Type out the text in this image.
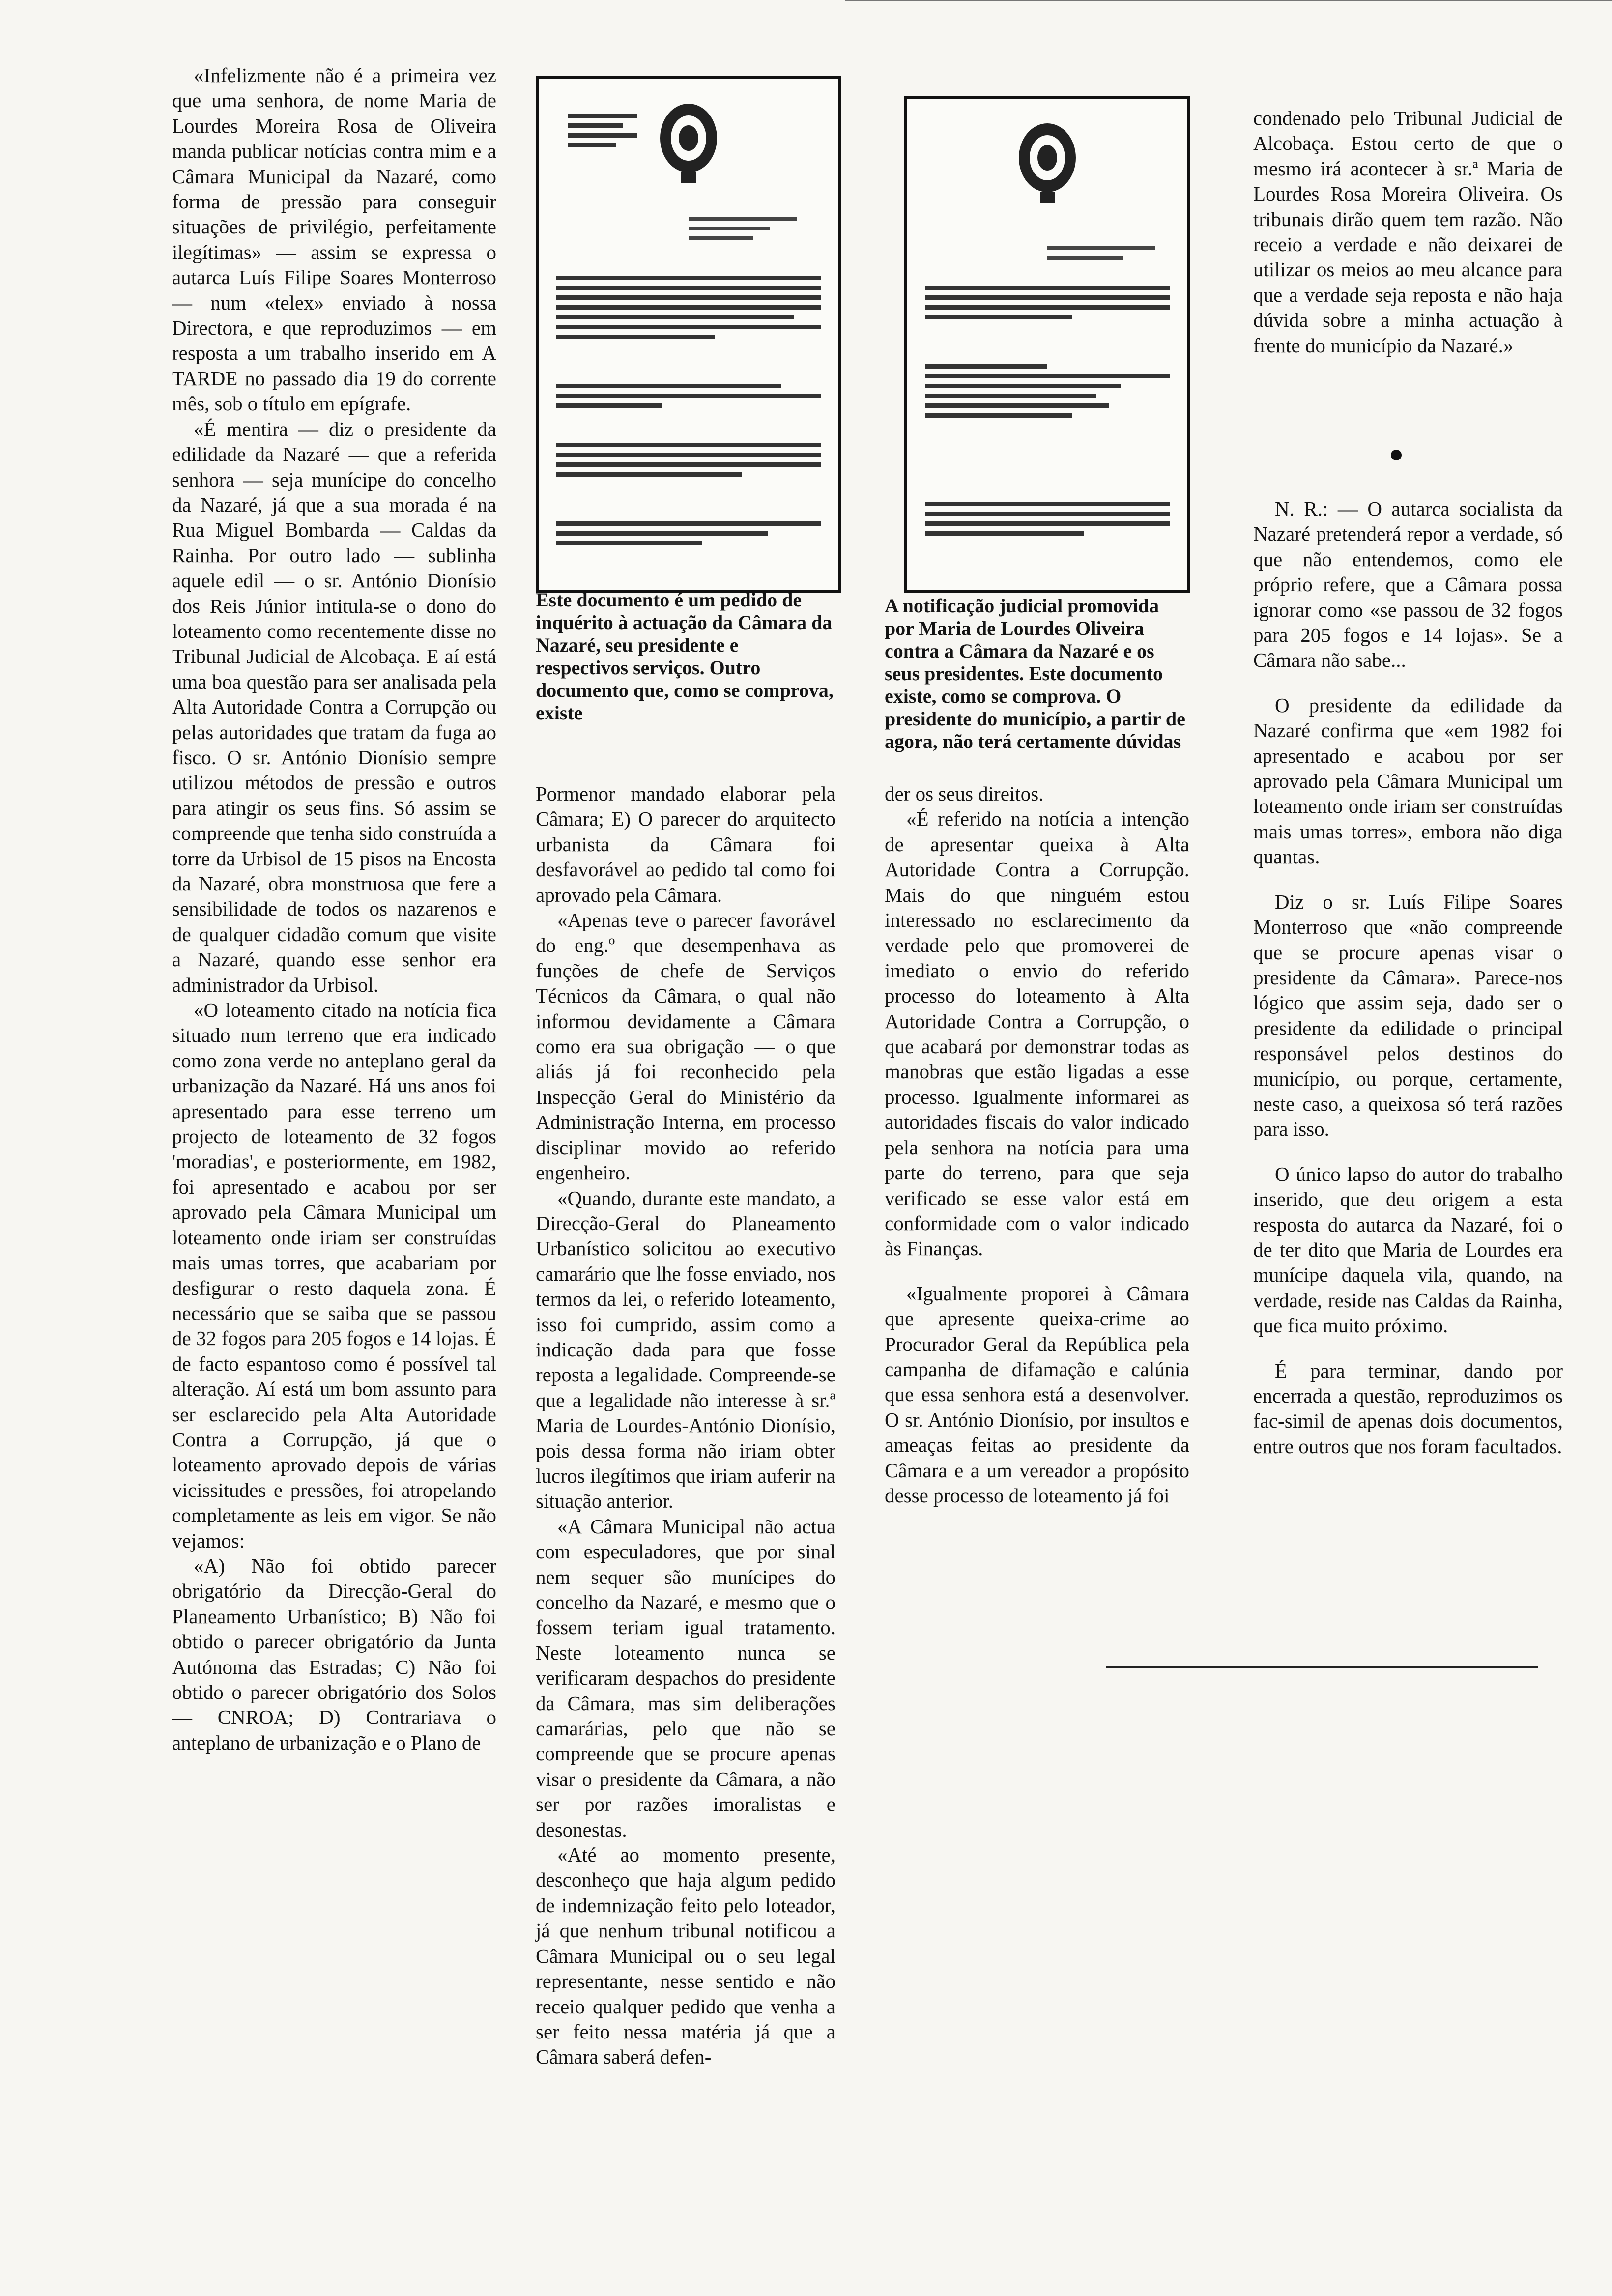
«Infelizmente não é a primeira vez que uma senhora, de nome Maria de Lourdes Moreira Rosa de Oliveira manda publicar notícias contra mim e a Câmara Municipal da Nazaré, como forma de pressão para conseguir situações de privilégio, perfeitamente ilegítimas» — assim se expressa o autarca Luís Filipe Soares Monterroso — num «telex» enviado à nossa Directora, e que reproduzimos — em resposta a um trabalho inserido em A TARDE no passado dia 19 do corrente mês, sob o título em epígrafe.

«É mentira — diz o presidente da edilidade da Nazaré — que a referida senhora — seja munícipe do concelho da Nazaré, já que a sua morada é na Rua Miguel Bombarda — Caldas da Rainha. Por outro lado — sublinha aquele edil — o sr. António Dionísio dos Reis Júnior intitula-se o dono do loteamento como recentemente disse no Tribunal Judicial de Alcobaça. E aí está uma boa questão para ser analisada pela Alta Autoridade Contra a Corrupção ou pelas autoridades que tratam da fuga ao fisco. O sr. António Dionísio sempre utilizou métodos de pressão e outros para atingir os seus fins. Só assim se compreende que tenha sido construída a torre da Urbisol de 15 pisos na Encosta da Nazaré, obra monstruosa que fere a sensibilidade de todos os nazarenos e de qualquer cidadão comum que visite a Nazaré, quando esse senhor era administrador da Urbisol.

«O loteamento citado na notícia fica situado num terreno que era indicado como zona verde no anteplano geral da urbanização da Nazaré. Há uns anos foi apresentado para esse terreno um projecto de loteamento de 32 fogos 'moradias', e posteriormente, em 1982, foi apresentado e acabou por ser aprovado pela Câmara Municipal um loteamento onde iriam ser construídas mais umas torres, que acabariam por desfigurar o resto daquela zona. É necessário que se saiba que se passou de 32 fogos para 205 fogos e 14 lojas. É de facto espantoso como é possível tal alteração. Aí está um bom assunto para ser esclarecido pela Alta Autoridade Contra a Corrupção, já que o loteamento aprovado depois de várias vicissitudes e pressões, foi atropelando completamente as leis em vigor. Se não vejamos:

«A) Não foi obtido parecer obrigatório da Direcção-Geral do Planeamento Urbanístico; B) Não foi obtido o parecer obrigatório da Junta Autónoma das Estradas; C) Não foi obtido o parecer obrigatório dos Solos — CNROA; D) Contrariava o anteplano de urbanização e o Plano de

Este documento é um pedido de inquérito à actuação da Câmara da Nazaré, seu presidente e respectivos serviços. Outro documento que, como se comprova, existe

Pormenor mandado elaborar pela Câmara; E) O parecer do arquitecto urbanista da Câmara foi desfavorável ao pedido tal como foi aprovado pela Câmara.

«Apenas teve o parecer favorável do eng.º que desempenhava as funções de chefe de Serviços Técnicos da Câmara, o qual não informou devidamente a Câmara como era sua obrigação — o que aliás já foi reconhecido pela Inspecção Geral do Ministério da Administração Interna, em processo disciplinar movido ao referido engenheiro.

«Quando, durante este mandato, a Direcção-Geral do Planeamento Urbanístico solicitou ao executivo camarário que lhe fosse enviado, nos termos da lei, o referido loteamento, isso foi cumprido, assim como a indicação dada para que fosse reposta a legalidade. Compreende-se que a legalidade não interesse à sr.ª Maria de Lourdes-António Dionísio, pois dessa forma não iriam obter lucros ilegítimos que iriam auferir na situação anterior.

«A Câmara Municipal não actua com especuladores, que por sinal nem sequer são munícipes do concelho da Nazaré, e mesmo que o fossem teriam igual tratamento. Neste loteamento nunca se verificaram despachos do presidente da Câmara, mas sim deliberações camarárias, pelo que não se compreende que se procure apenas visar o presidente da Câmara, a não ser por razões imoralistas e desonestas.

«Até ao momento presente, desconheço que haja algum pedido de indemnização feito pelo loteador, já que nenhum tribunal notificou a Câmara Municipal ou o seu legal representante, nesse sentido e não receio qualquer pedido que venha a ser feito nessa matéria já que a Câmara saberá defen-

A notificação judicial promovida por Maria de Lourdes Oliveira contra a Câmara da Nazaré e os seus presidentes. Este documento existe, como se comprova. O presidente do município, a partir de agora, não terá certamente dúvidas

der os seus direitos.

«É referido na notícia a intenção de apresentar queixa à Alta Autoridade Contra a Corrupção. Mais do que ninguém estou interessado no esclarecimento da verdade pelo que promoverei de imediato o envio do referido processo do loteamento à Alta Autoridade Contra a Corrupção, o que acabará por demonstrar todas as manobras que estão ligadas a esse processo. Igualmente informarei as autoridades fiscais do valor indicado pela senhora na notícia para uma parte do terreno, para que seja verificado se esse valor está em conformidade com o valor indicado às Finanças.

«Igualmente proporei à Câmara que apresente queixa-crime ao Procurador Geral da República pela campanha de difamação e calúnia que essa senhora está a desenvolver. O sr. António Dionísio, por insultos e ameaças feitas ao presidente da Câmara e a um vereador a propósito desse processo de loteamento já foi

condenado pelo Tribunal Judicial de Alcobaça. Estou certo de que o mesmo irá acontecer à sr.ª Maria de Lourdes Rosa Moreira Oliveira. Os tribunais dirão quem tem razão. Não receio a verdade e não deixarei de utilizar os meios ao meu alcance para que a verdade seja reposta e não haja dúvida sobre a minha actuação à frente do município da Nazaré.»

N. R.: — O autarca socialista da Nazaré pretenderá repor a verdade, só que não entendemos, como ele próprio refere, que a Câmara possa ignorar como «se passou de 32 fogos para 205 fogos e 14 lojas». Se a Câmara não sabe...

O presidente da edilidade da Nazaré confirma que «em 1982 foi apresentado e acabou por ser aprovado pela Câmara Municipal um loteamento onde iriam ser construídas mais umas torres», embora não diga quantas.

Diz o sr. Luís Filipe Soares Monterroso que «não compreende que se procure apenas visar o presidente da Câmara». Parece-nos lógico que assim seja, dado ser o presidente da edilidade o principal responsável pelos destinos do município, ou porque, certamente, neste caso, a queixosa só terá razões para isso.

O único lapso do autor do trabalho inserido, que deu origem a esta resposta do autarca da Nazaré, foi o de ter dito que Maria de Lourdes era munícipe daquela vila, quando, na verdade, reside nas Caldas da Rainha, que fica muito próximo.

É para terminar, dando por encerrada a questão, reproduzimos os fac-simil de apenas dois documentos, entre outros que nos foram facultados.
